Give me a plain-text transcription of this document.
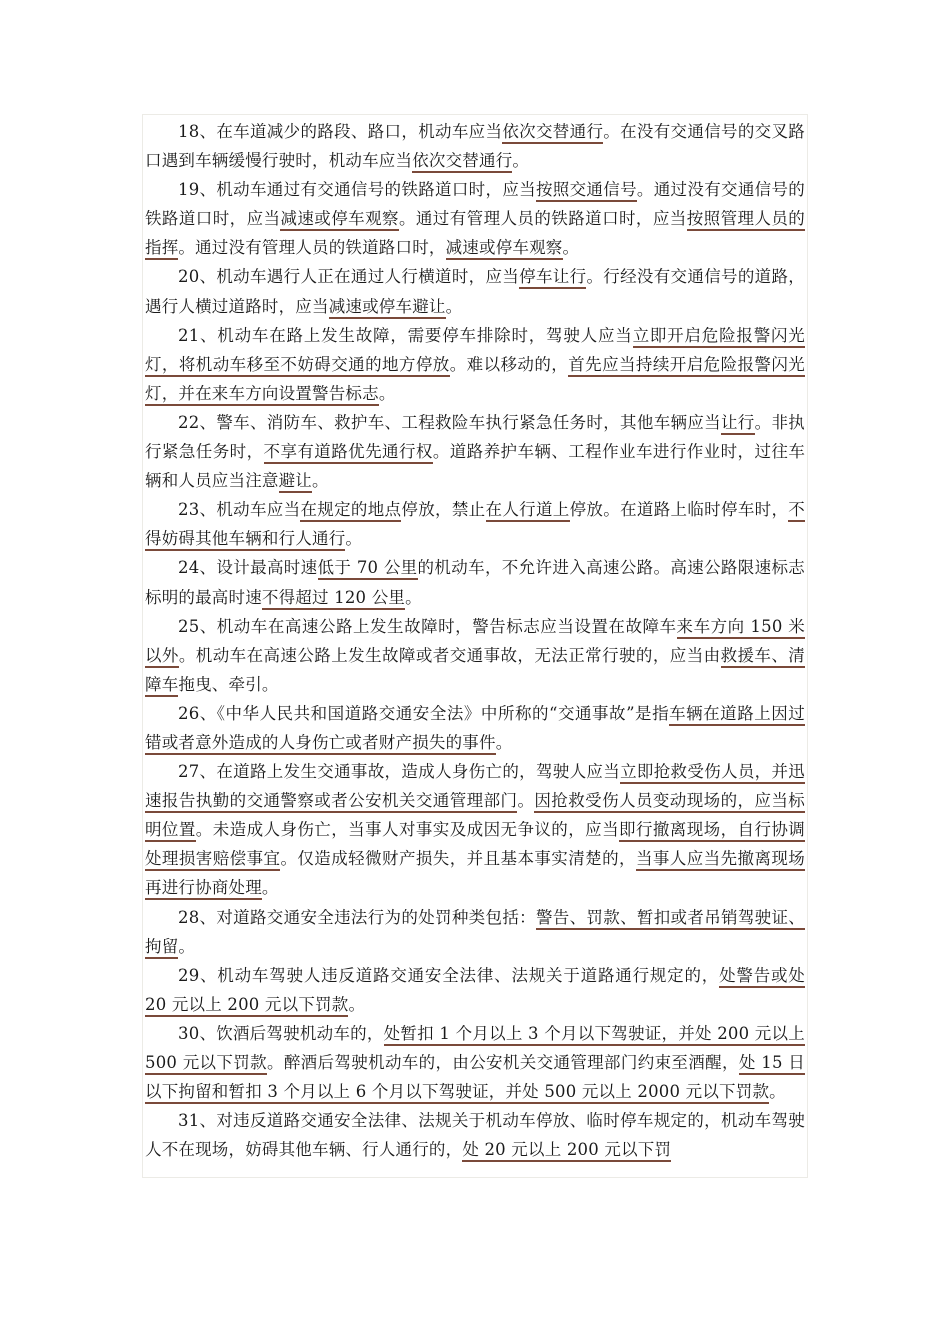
18、在车道减少的路段、路口，机动车应当依次交替通行。在没有交通信号的交叉路口遇到车辆缓慢行驶时，机动车应当依次交替通行。

19、机动车通过有交通信号的铁路道口时，应当按照交通信号。通过没有交通信号的铁路道口时，应当减速或停车观察。通过有管理人员的铁路道口时，应当按照管理人员的指挥。通过没有管理人员的铁道路口时，减速或停车观察。

20、机动车遇行人正在通过人行横道时，应当停车让行。行经没有交通信号的道路，遇行人横过道路时，应当减速或停车避让。

21、机动车在路上发生故障，需要停车排除时，驾驶人应当立即开启危险报警闪光灯，将机动车移至不妨碍交通的地方停放。难以移动的，首先应当持续开启危险报警闪光灯，并在来车方向设置警告标志。

22、警车、消防车、救护车、工程救险车执行紧急任务时，其他车辆应当让行。非执行紧急任务时，不享有道路优先通行权。道路养护车辆、工程作业车进行作业时，过往车辆和人员应当注意避让。

23、机动车应当在规定的地点停放，禁止在人行道上停放。在道路上临时停车时，不得妨碍其他车辆和行人通行。

24、设计最高时速低于 70 公里的机动车，不允许进入高速公路。高速公路限速标志标明的最高时速不得超过 120 公里。

25、机动车在高速公路上发生故障时，警告标志应当设置在故障车来车方向 150 米以外。机动车在高速公路上发生故障或者交通事故，无法正常行驶的，应当由救援车、清障车拖曳、牵引。

26、《中华人民共和国道路交通安全法》中所称的“交通事故”是指车辆在道路上因过错或者意外造成的人身伤亡或者财产损失的事件。

27、在道路上发生交通事故，造成人身伤亡的，驾驶人应当立即抢救受伤人员，并迅速报告执勤的交通警察或者公安机关交通管理部门。因抢救受伤人员变动现场的，应当标明位置。未造成人身伤亡，当事人对事实及成因无争议的，应当即行撤离现场，自行协调处理损害赔偿事宜。仅造成轻微财产损失，并且基本事实清楚的，当事人应当先撤离现场再进行协商处理。

28、对道路交通安全违法行为的处罚种类包括：警告、罚款、暂扣或者吊销驾驶证、拘留。

29、机动车驾驶人违反道路交通安全法律、法规关于道路通行规定的，处警告或处 20 元以上 200 元以下罚款。

30、饮酒后驾驶机动车的，处暂扣 1 个月以上 3 个月以下驾驶证，并处 200 元以上 500 元以下罚款。醉酒后驾驶机动车的，由公安机关交通管理部门约束至酒醒，处 15 日以下拘留和暂扣 3 个月以上 6 个月以下驾驶证，并处 500 元以上 2000 元以下罚款。

31、对违反道路交通安全法律、法规关于机动车停放、临时停车规定的，机动车驾驶人不在现场，妨碍其他车辆、行人通行的，处 20 元以上 200 元以下罚
